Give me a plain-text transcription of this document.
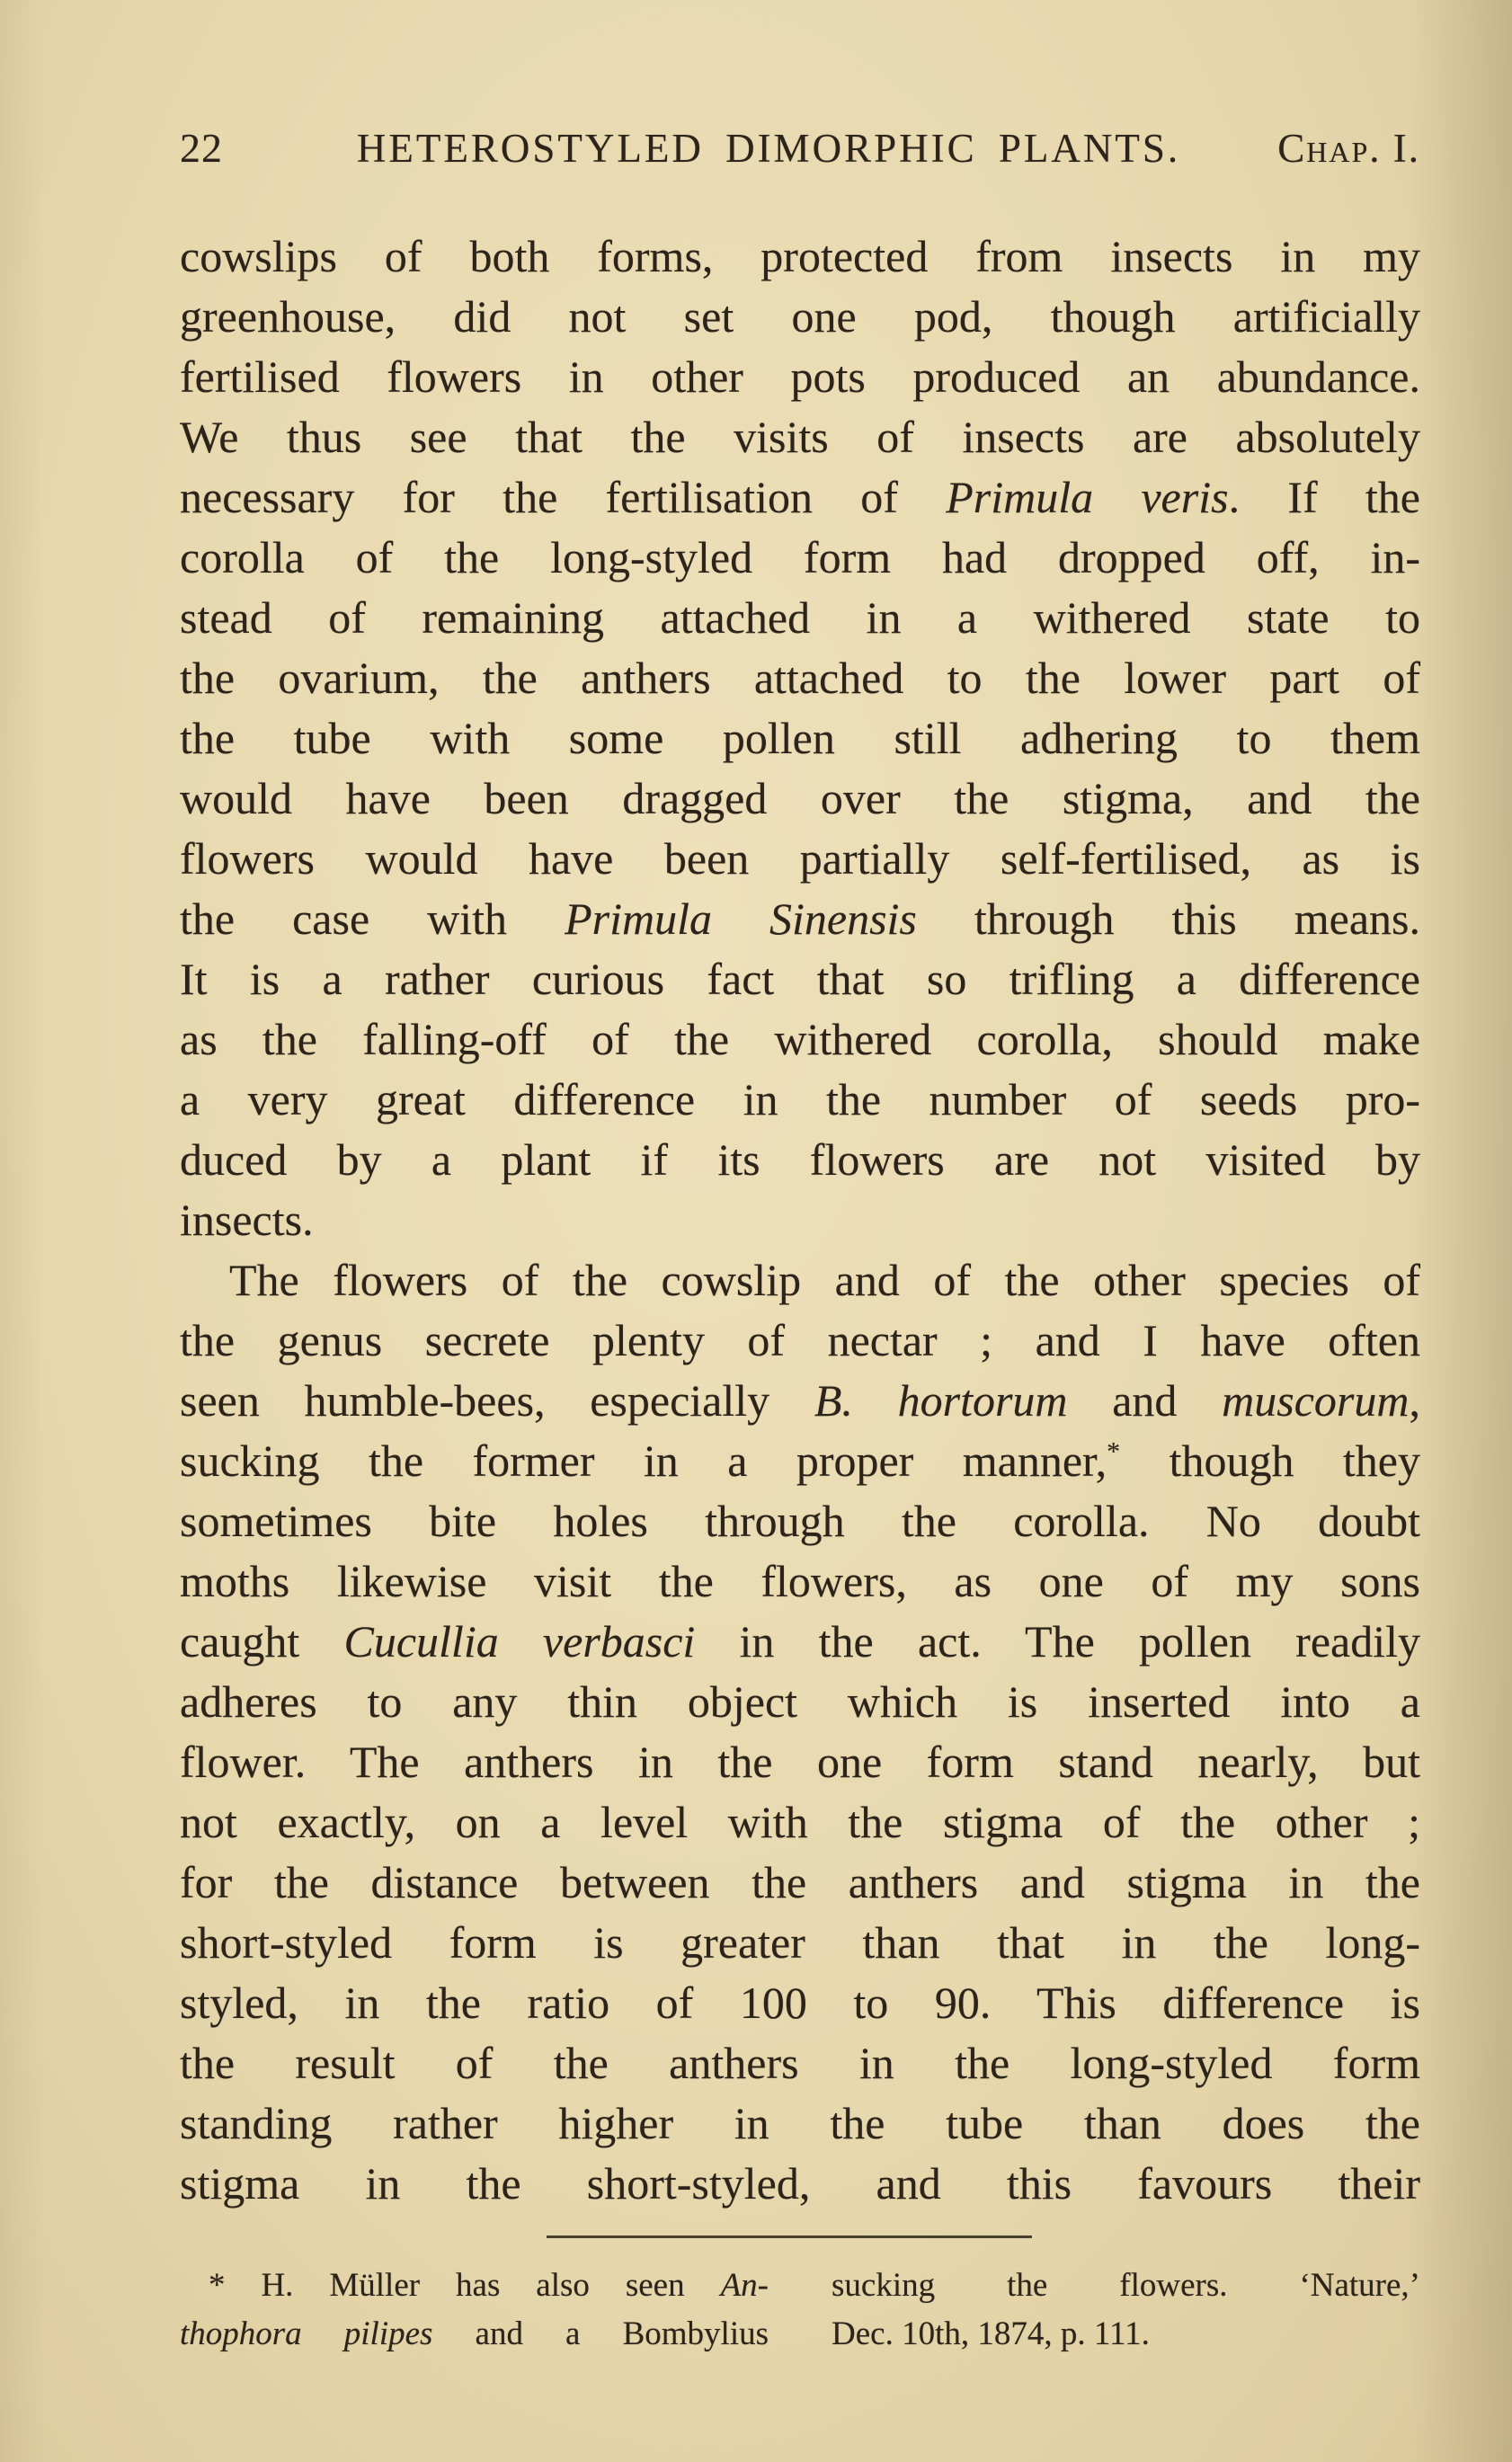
22	HETEROSTYLED DIMORPHIC PLANTS.	Chap. I.
cowslips of both forms, protected from insects in my
greenhouse, did not set one pod, though artificially
fertilised flowers in other pots produced an abundance.
We thus see that the visits of insects are absolutely
necessary for the fertilisation of Primula veris. If the
corolla of the long-styled form had dropped off, in-
stead of remaining attached in a withered state to
the ovarium, the anthers attached to the lower part of
the tube with some pollen still adhering to them
would have been dragged over the stigma, and the
flowers would have been partially self-fertilised, as is
the case with Primula Sinensis through this means.
It is a rather curious fact that so trifling a difference
as the falling-off of the withered corolla, should make
a very great difference in the number of seeds pro-
duced by a plant if its flowers are not visited by
insects.
The flowers of the cowslip and of the other species of
the genus secrete plenty of nectar ; and I have often
seen humble-bees, especially B. hortorum and muscorum,
sucking the former in a proper manner,* though they
sometimes bite holes through the corolla. No doubt
moths likewise visit the flowers, as one of my sons
caught Cucullia verbasci in the act. The pollen readily
adheres to any thin object which is inserted into a
flower. The anthers in the one form stand nearly, but
not exactly, on a level with the stigma of the other ;
for the distance between the anthers and stigma in the
short-styled form is greater than that in the long-
styled, in the ratio of 100 to 90. This difference is
the result of the anthers in the long-styled form
standing rather higher in the tube than does the
stigma in the short-styled, and this favours their
* H. Müller has also seen An-
thophora pilipes and a Bombylius
sucking the flowers. ‘Nature,’
Dec. 10th, 1874, p. 111.
